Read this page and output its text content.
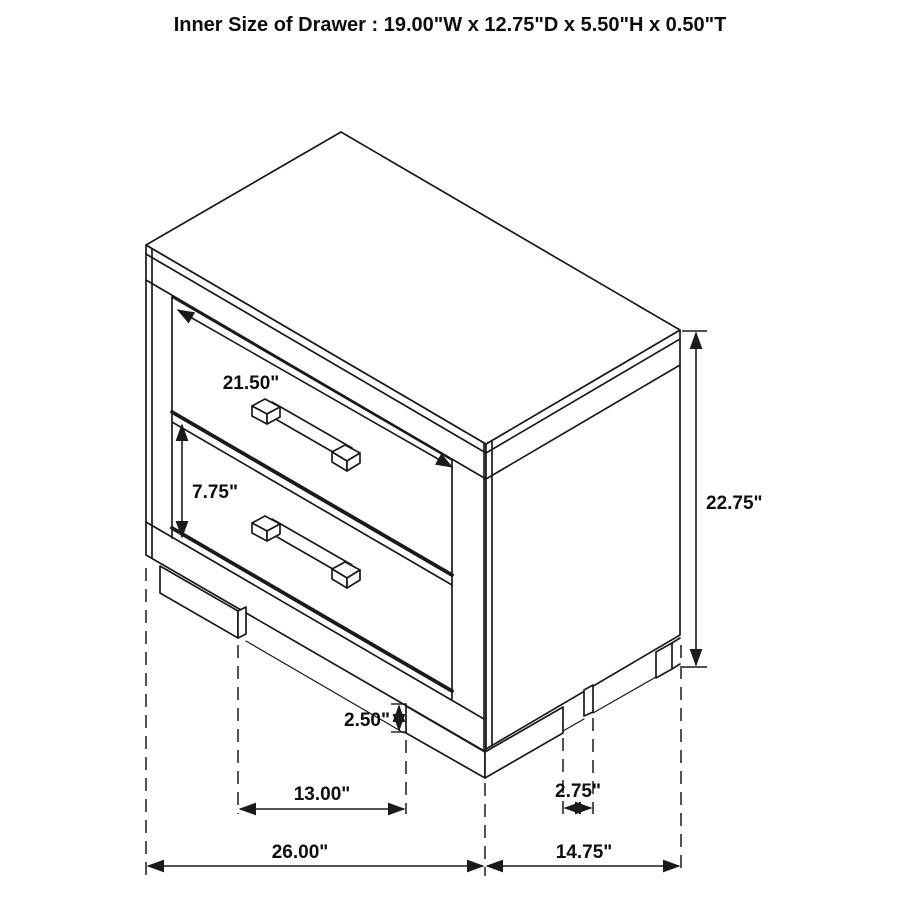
Inner Size of Drawer : 19.00"W x 12.75"D x 5.50"H x 0.50"T
21.50"
7.75"
22.75"
2.50"
13.00"	2.75"
26.00"	14.75"
